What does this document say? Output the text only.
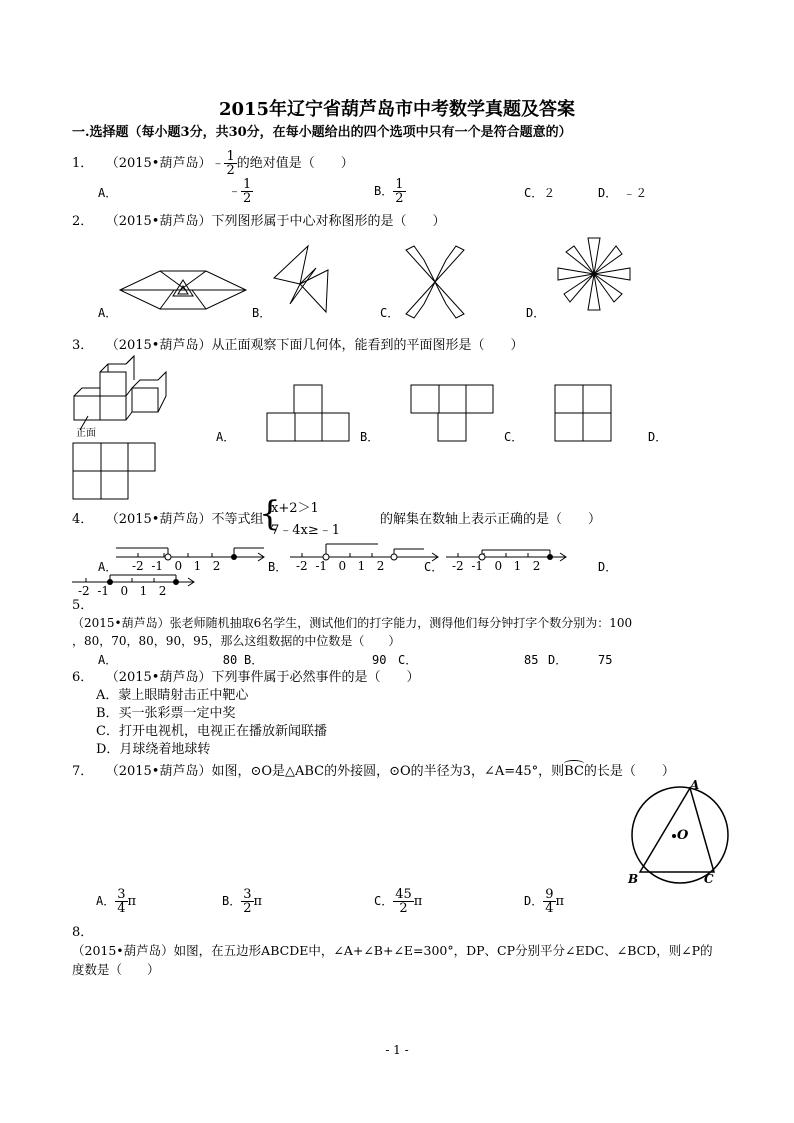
2015年辽宁省葫芦岛市中考数学真题及答案
一.选择题（每小题3分，共30分，在每小题给出的四个选项中只有一个是符合题意的）
1． （2015•葫芦岛）﹣ $\frac{1}{2}$ 的绝对值是（　　）
A．	﹣ $\frac{1}{2}$	B． $\frac{1}{2}$	C．２	D．　﹣２
2． （2015•葫芦岛）下列图形属于中心对称图形的是（　　）
A．	B．	C．	D．
3． （2015•葫芦岛）从正面观察下面几何体，能看到的平面图形是（　　）
正面	A．	B．	C．	D．
4． （2015•葫芦岛）不等式组
{
x+2＞1
7﹣4x≥﹣1
的解集在数轴上表示正确的是（　　）
-2 -1 0 1 2	-2 -1 0 1 2	-2 -1 0 1 2
-2 -1 0 1 2
A．	B．	C．	D．
5．
（2015•葫芦岛）张老师随机抽取6名学生，测试他们的打字能力，测得他们每分钟打字个数分别为：100
，80，70，80，90，95，那么这组数据的中位数是（　　）
A．	80 B．	90 C．	85 D．	75
6． （2015•葫芦岛）下列事件属于必然事件的是（　　）
A．蒙上眼睛射击正中靶心
B．买一张彩票一定中奖
C．打开电视机，电视正在播放新闻联播
D．月球绕着地球转
7． （2015•葫芦岛）如图，⊙O是△ABC的外接圆，⊙O的半径为3，∠A=45°，则BC
的长是（　　）
A
B	C
O
A． $\frac{3}{4}$ π	B． $\frac{3}{2}$ π	C． $\frac{45}{2}$ π	D． $\frac{9}{4}$ π
8．
（2015•葫芦岛）如图，在五边形ABCDE中，∠A+∠B+∠E=300°，DP、CP分别平分∠EDC、∠BCD，则∠P的
度数是（　　）
- 1 -
